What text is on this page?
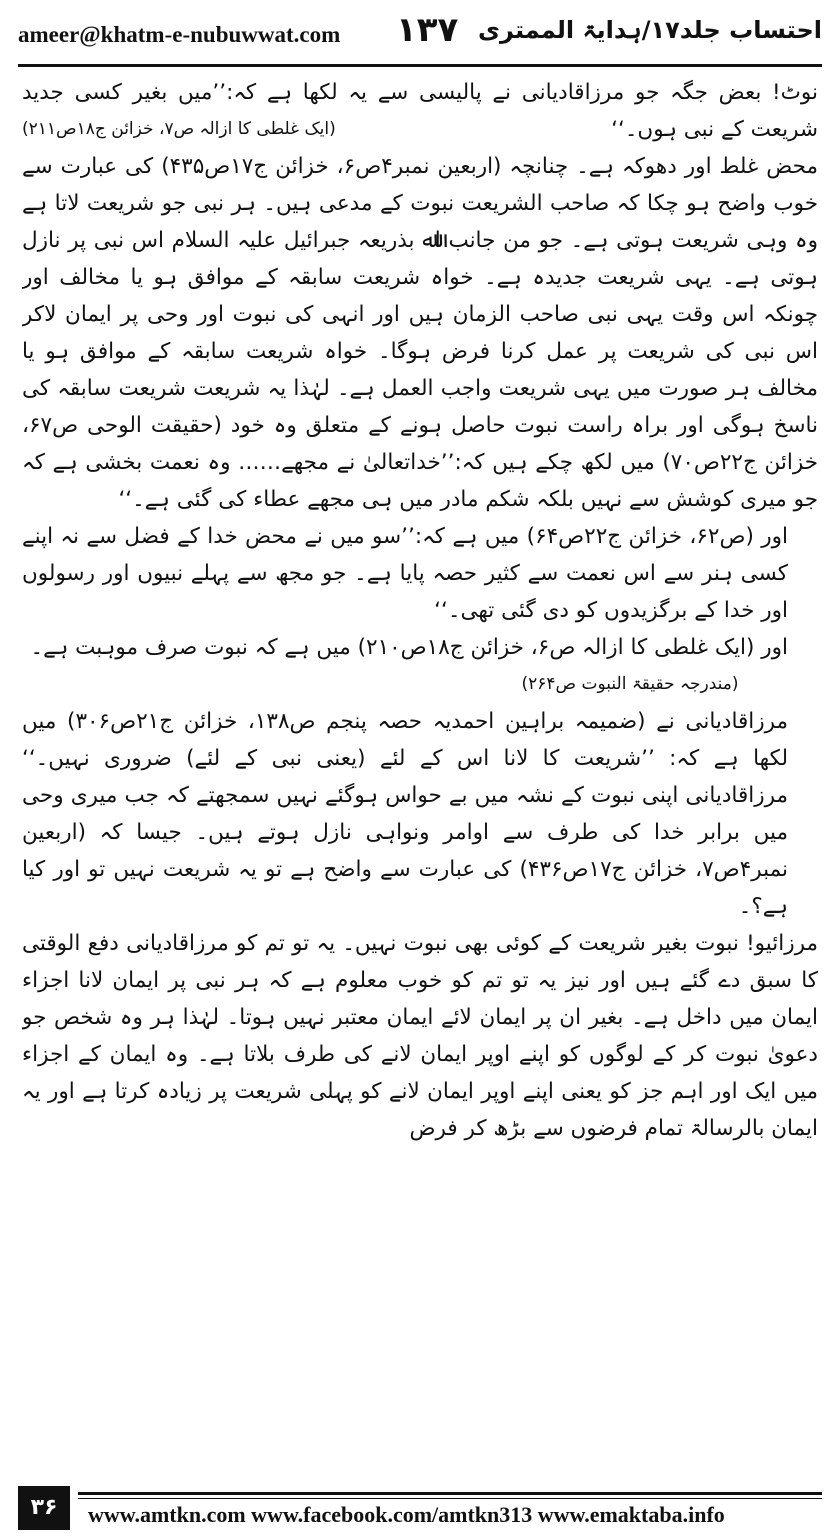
ameer@khatm-e-nubuwwat.com ۱۳۷ احتساب جلد۱۷/ہدایۃ الممتری

نوٹ! بعض جگہ جو مرزاقادیانی نے پالیسی سے یہ لکھا ہے کہ:’’میں بغیر کسی جدید شریعت کے نبی ہوں۔‘‘
(ایک غلطی کا ازالہ ص۷، خزائن ج۱۸ص۲۱۱)

محض غلط اور دھوکہ ہے۔ چنانچہ (اربعین نمبر۴ص۶، خزائن ج۱۷ص۴۳۵) کی عبارت سے خوب واضح ہو چکا کہ صاحب الشریعت نبوت کے مدعی ہیں۔ ہر نبی جو شریعت لاتا ہے وہ وہی شریعت ہوتی ہے۔ جو من جانب اﷲ بذریعہ جبرائیل علیہ السلام اس نبی پر نازل ہوتی ہے۔ یہی شریعت جدیدہ ہے۔ خواہ شریعت سابقہ کے موافق ہو یا مخالف اور چونکہ اس وقت یہی نبی صاحب الزمان ہیں اور انہی کی نبوت اور وحی پر ایمان لاکر اس نبی کی شریعت پر عمل کرنا فرض ہوگا۔ خواہ شریعت سابقہ کے موافق ہو یا مخالف ہر صورت میں یہی شریعت واجب العمل ہے۔ لہٰذا یہ شریعت شریعت سابقہ کی ناسخ ہوگی اور براہ راست نبوت حاصل ہونے کے متعلق وہ خود (حقیقت الوحی ص۶۷، خزائن ج۲۲ص۷۰) میں لکھ چکے ہیں کہ:’’خداتعالیٰ نے مجھے…… وہ نعمت بخشی ہے کہ جو میری کوشش سے نہیں بلکہ شکم مادر میں ہی مجھے عطاء کی گئی ہے۔‘‘

اور (ص۶۲، خزائن ج۲۲ص۶۴) میں ہے کہ:’’سو میں نے محض خدا کے فضل سے نہ اپنے کسی ہنر سے اس نعمت سے کثیر حصہ پایا ہے۔ جو مجھ سے پہلے نبیوں اور رسولوں اور خدا کے برگزیدوں کو دی گئی تھی۔‘‘

اور (ایک غلطی کا ازالہ ص۶، خزائن ج۱۸ص۲۱۰) میں ہے کہ نبوت صرف موہبت ہے۔

(مندرجہ حقیقۃ النبوت ص۲۶۴)

مرزاقادیانی نے (ضمیمہ براہین احمدیہ حصہ پنجم ص۱۳۸، خزائن ج۲۱ص۳۰۶) میں لکھا ہے کہ: ’’شریعت کا لانا اس کے لئے (یعنی نبی کے لئے) ضروری نہیں۔‘‘ مرزاقادیانی اپنی نبوت کے نشہ میں بے حواس ہوگئے نہیں سمجھتے کہ جب میری وحی میں برابر خدا کی طرف سے اوامر ونواہی نازل ہوتے ہیں۔ جیسا کہ (اربعین نمبر۴ص۷، خزائن ج۱۷ص۴۳۶) کی عبارت سے واضح ہے تو یہ شریعت نہیں تو اور کیا ہے؟۔

مرزائیو! نبوت بغیر شریعت کے کوئی بھی نبوت نہیں۔ یہ تو تم کو مرزاقادیانی دفع الوقتی کا سبق دے گئے ہیں اور نیز یہ تو تم کو خوب معلوم ہے کہ ہر نبی پر ایمان لانا اجزاء ایمان میں داخل ہے۔ بغیر ان پر ایمان لائے ایمان معتبر نہیں ہوتا۔ لہٰذا ہر وہ شخص جو دعویٰ نبوت کر کے لوگوں کو اپنے اوپر ایمان لانے کی طرف بلاتا ہے۔ وہ ایمان کے اجزاء میں ایک اور اہم جز کو یعنی اپنے اوپر ایمان لانے کو پہلی شریعت پر زیادہ کرتا ہے اور یہ ایمان بالرسالۃ تمام فرضوں سے بڑھ کر فرض

۳۶	www.amtkn.com www.facebook.com/amtkn313 www.emaktaba.info
